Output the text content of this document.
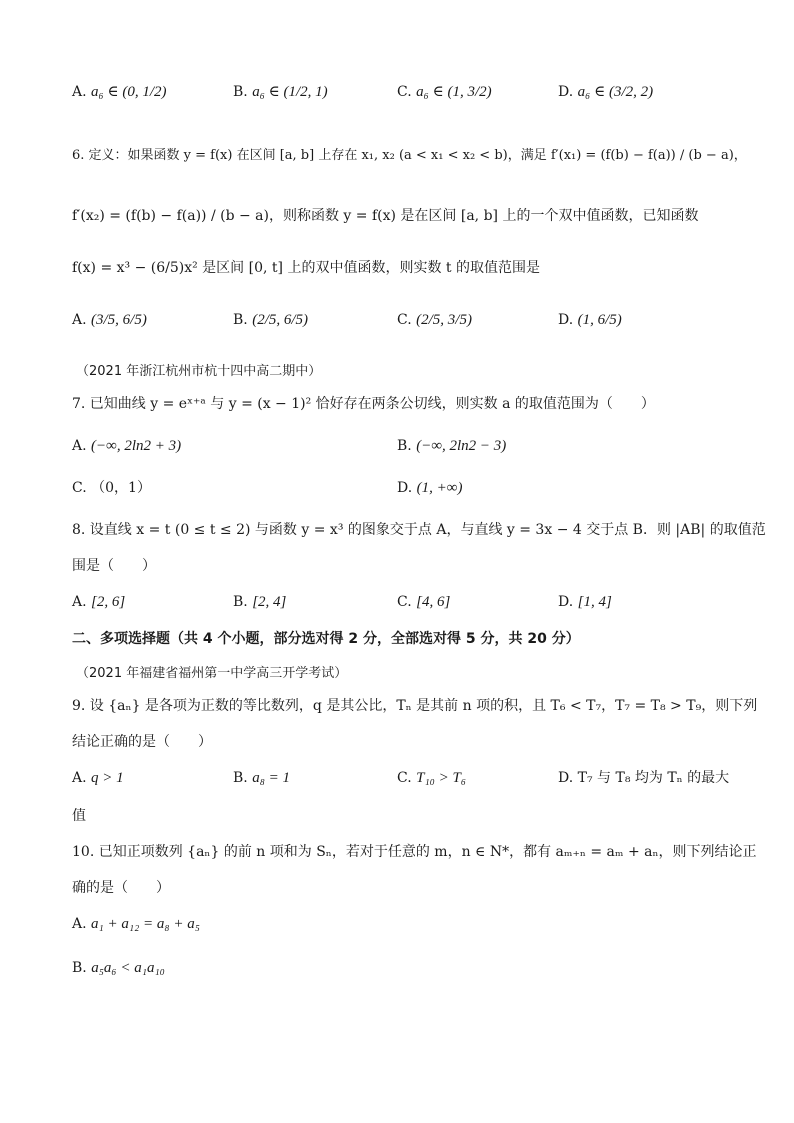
A. a₆ ∈ (0, 1/2)	B. a₆ ∈ (1/2, 1)	C. a₆ ∈ (1, 3/2)	D. a₆ ∈ (3/2, 2)
6. 定义：如果函数 y = f(x) 在区间 [a, b] 上存在 x₁, x₂ (a < x₁ < x₂ < b)，满足 f′(x₁) = (f(b) − f(a)) / (b − a)，
f′(x₂) = (f(b) − f(a)) / (b − a)，则称函数 y = f(x) 是在区间 [a, b] 上的一个双中值函数，已知函数
f(x) = x³ − (6/5)x² 是区间 [0, t] 上的双中值函数，则实数 t 的取值范围是
A. (3/5, 6/5)	B. (2/5, 6/5)	C. (2/5, 3/5)	D. (1, 6/5)
（2021 年浙江杭州市杭十四中高二期中）
7. 已知曲线 y = eˣ⁺ᵃ 与 y = (x − 1)² 恰好存在两条公切线，则实数 a 的取值范围为（　　）
A. (−∞, 2ln2 + 3)	B. (−∞, 2ln2 − 3)
C. （0，1）	D. (1, +∞)
8. 设直线 x = t (0 ≤ t ≤ 2) 与函数 y = x³ 的图象交于点 A，与直线 y = 3x − 4 交于点 B．则 |AB| 的取值范
围是（　　）
A. [2, 6]	B. [2, 4]	C. [4, 6]	D. [1, 4]
二、多项选择题（共 4 个小题，部分选对得 2 分，全部选对得 5 分，共 20 分）
（2021 年福建省福州第一中学高三开学考试）
9. 设 {aₙ} 是各项为正数的等比数列，q 是其公比，Tₙ 是其前 n 项的积，且 T₆ < T₇，T₇ = T₈ > T₉，则下列
结论正确的是（　　）
A. q > 1	B. a₈ = 1	C. T₁₀ > T₆	D. T₇ 与 T₈ 均为 Tₙ 的最大
值
10. 已知正项数列 {aₙ} 的前 n 项和为 Sₙ，若对于任意的 m，n ∈ N*，都有 aₘ₊ₙ = aₘ + aₙ，则下列结论正
确的是（　　）
A. a₁ + a₁₂ = a₈ + a₅
B. a₅a₆ < a₁a₁₀
